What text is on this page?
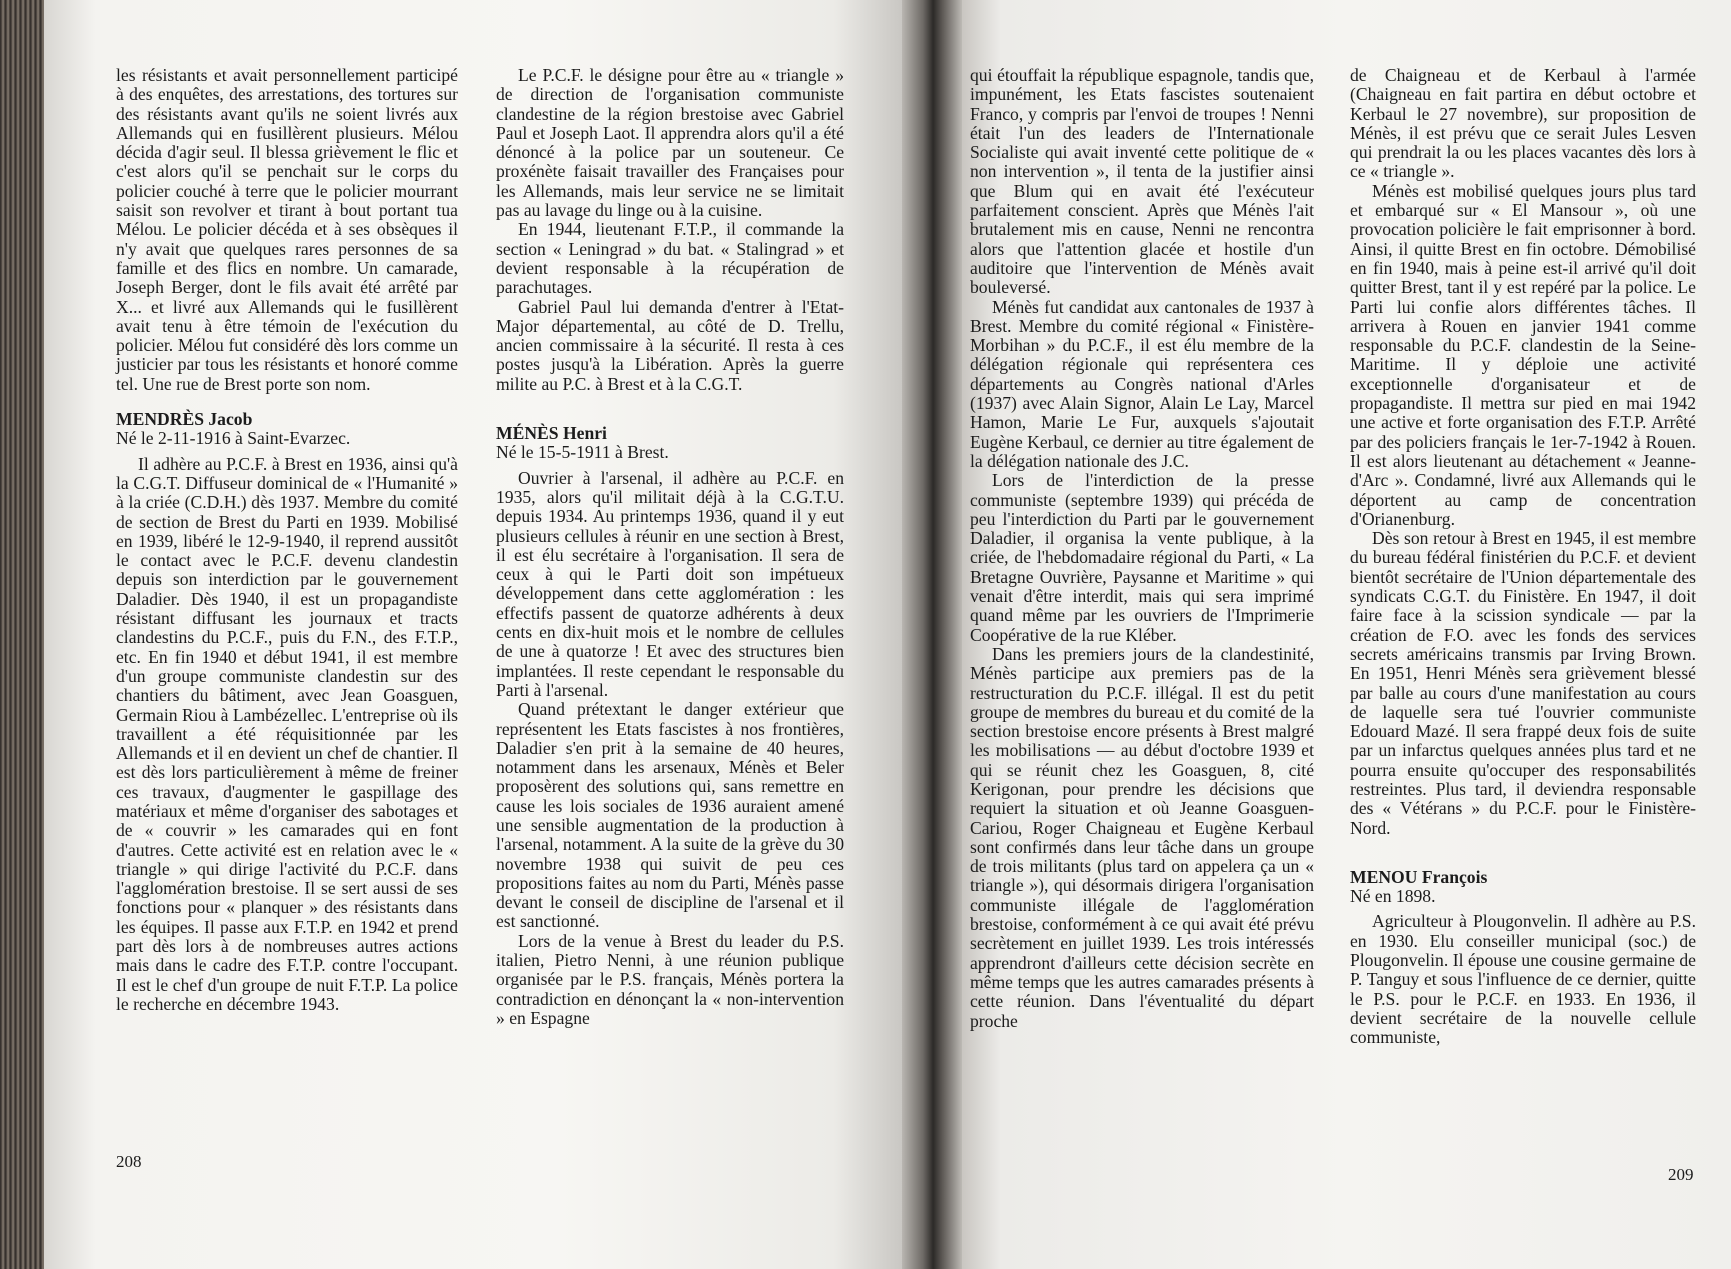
les résistants et avait personnellement participé à des enquêtes, des arrestations, des tortures sur des résistants avant qu'ils ne soient livrés aux Allemands qui en fusillèrent plusieurs. Mélou décida d'agir seul. Il blessa grièvement le flic et c'est alors qu'il se penchait sur le corps du policier couché à terre que le policier mourrant saisit son revolver et tirant à bout portant tua Mélou. Le policier décéda et à ses obsèques il n'y avait que quelques rares personnes de sa famille et des flics en nombre. Un camarade, Joseph Berger, dont le fils avait été arrêté par X... et livré aux Allemands qui le fusillèrent avait tenu à être témoin de l'exécution du policier. Mélou fut considéré dès lors comme un justicier par tous les résistants et honoré comme tel. Une rue de Brest porte son nom.

MENDRÈS Jacob

Né le 2-11-1916 à Saint-Evarzec.

Il adhère au P.C.F. à Brest en 1936, ainsi qu'à la C.G.T. Diffuseur dominical de « l'Humanité » à la criée (C.D.H.) dès 1937. Membre du comité de section de Brest du Parti en 1939. Mobilisé en 1939, libéré le 12-9-1940, il reprend aussitôt le contact avec le P.C.F. devenu clandestin depuis son interdiction par le gouvernement Daladier. Dès 1940, il est un propagandiste résistant diffusant les journaux et tracts clandestins du P.C.F., puis du F.N., des F.T.P., etc. En fin 1940 et début 1941, il est membre d'un groupe communiste clandestin sur des chantiers du bâtiment, avec Jean Goasguen, Germain Riou à Lambézellec. L'entreprise où ils travaillent a été réquisitionnée par les Allemands et il en devient un chef de chantier. Il est dès lors particulièrement à même de freiner ces travaux, d'augmenter le gaspillage des matériaux et même d'organiser des sabotages et de « couvrir » les camarades qui en font d'autres. Cette activité est en relation avec le « triangle » qui dirige l'activité du P.C.F. dans l'agglomération brestoise. Il se sert aussi de ses fonctions pour « planquer » des résistants dans les équipes. Il passe aux F.T.P. en 1942 et prend part dès lors à de nombreuses autres actions mais dans le cadre des F.T.P. contre l'occupant. Il est le chef d'un groupe de nuit F.T.P. La police le recherche en décembre 1943.

Le P.C.F. le désigne pour être au « triangle » de direction de l'organisation communiste clandestine de la région brestoise avec Gabriel Paul et Joseph Laot. Il apprendra alors qu'il a été dénoncé à la police par un souteneur. Ce proxénète faisait travailler des Françaises pour les Allemands, mais leur service ne se limitait pas au lavage du linge ou à la cuisine.

En 1944, lieutenant F.T.P., il commande la section « Leningrad » du bat. « Stalingrad » et devient responsable à la récupération de parachutages.

Gabriel Paul lui demanda d'entrer à l'Etat-Major départemental, au côté de D. Trellu, ancien commissaire à la sécurité. Il resta à ces postes jusqu'à la Libération. Après la guerre milite au P.C. à Brest et à la C.G.T.

MÉNÈS Henri

Né le 15-5-1911 à Brest.

Ouvrier à l'arsenal, il adhère au P.C.F. en 1935, alors qu'il militait déjà à la C.G.T.U. depuis 1934. Au printemps 1936, quand il y eut plusieurs cellules à réunir en une section à Brest, il est élu secrétaire à l'organisation. Il sera de ceux à qui le Parti doit son impétueux développement dans cette agglomération : les effectifs passent de quatorze adhérents à deux cents en dix-huit mois et le nombre de cellules de une à quatorze ! Et avec des structures bien implantées. Il reste cependant le responsable du Parti à l'arsenal.

Quand prétextant le danger extérieur que représentent les Etats fascistes à nos frontières, Daladier s'en prit à la semaine de 40 heures, notamment dans les arsenaux, Ménès et Beler proposèrent des solutions qui, sans remettre en cause les lois sociales de 1936 auraient amené une sensible augmentation de la production à l'arsenal, notamment. A la suite de la grève du 30 novembre 1938 qui suivit de peu ces propositions faites au nom du Parti, Ménès passe devant le conseil de discipline de l'arsenal et il est sanctionné.

Lors de la venue à Brest du leader du P.S. italien, Pietro Nenni, à une réunion publique organisée par le P.S. français, Ménès portera la contradiction en dénonçant la « non-intervention » en Espagne

208

qui étouffait la république espagnole, tandis que, impunément, les Etats fascistes soutenaient Franco, y compris par l'envoi de troupes ! Nenni était l'un des leaders de l'Internationale Socialiste qui avait inventé cette politique de « non intervention », il tenta de la justifier ainsi que Blum qui en avait été l'exécuteur parfaitement conscient. Après que Ménès l'ait brutalement mis en cause, Nenni ne rencontra alors que l'attention glacée et hostile d'un auditoire que l'intervention de Ménès avait bouleversé.

Ménès fut candidat aux cantonales de 1937 à Brest. Membre du comité régional « Finistère-Morbihan » du P.C.F., il est élu membre de la délégation régionale qui représentera ces départements au Congrès national d'Arles (1937) avec Alain Signor, Alain Le Lay, Marcel Hamon, Marie Le Fur, auxquels s'ajoutait Eugène Kerbaul, ce dernier au titre également de la délégation nationale des J.C.

Lors de l'interdiction de la presse communiste (septembre 1939) qui précéda de peu l'interdiction du Parti par le gouvernement Daladier, il organisa la vente publique, à la criée, de l'hebdomadaire régional du Parti, « La Bretagne Ouvrière, Paysanne et Maritime » qui venait d'être interdit, mais qui sera imprimé quand même par les ouvriers de l'Imprimerie Coopérative de la rue Kléber.

Dans les premiers jours de la clandestinité, Ménès participe aux premiers pas de la restructuration du P.C.F. illégal. Il est du petit groupe de membres du bureau et du comité de la section brestoise encore présents à Brest malgré les mobilisations — au début d'octobre 1939 et qui se réunit chez les Goasguen, 8, cité Kerigonan, pour prendre les décisions que requiert la situation et où Jeanne Goasguen-Cariou, Roger Chaigneau et Eugène Kerbaul sont confirmés dans leur tâche dans un groupe de trois militants (plus tard on appelera ça un « triangle »), qui désormais dirigera l'organisation communiste illégale de l'agglomération brestoise, conformément à ce qui avait été prévu secrètement en juillet 1939. Les trois intéressés apprendront d'ailleurs cette décision secrète en même temps que les autres camarades présents à cette réunion. Dans l'éventualité du départ proche

de Chaigneau et de Kerbaul à l'armée (Chaigneau en fait partira en début octobre et Kerbaul le 27 novembre), sur proposition de Ménès, il est prévu que ce serait Jules Lesven qui prendrait la ou les places vacantes dès lors à ce « triangle ».

Ménès est mobilisé quelques jours plus tard et embarqué sur « El Mansour », où une provocation policière le fait emprisonner à bord. Ainsi, il quitte Brest en fin octobre. Démobilisé en fin 1940, mais à peine est-il arrivé qu'il doit quitter Brest, tant il y est repéré par la police. Le Parti lui confie alors différentes tâches. Il arrivera à Rouen en janvier 1941 comme responsable du P.C.F. clandestin de la Seine-Maritime. Il y déploie une activité exceptionnelle d'organisateur et de propagandiste. Il mettra sur pied en mai 1942 une active et forte organisation des F.T.P. Arrêté par des policiers français le 1er-7-1942 à Rouen. Il est alors lieutenant au détachement « Jeanne-d'Arc ». Condamné, livré aux Allemands qui le déportent au camp de concentration d'Orianenburg.

Dès son retour à Brest en 1945, il est membre du bureau fédéral finistérien du P.C.F. et devient bientôt secrétaire de l'Union départementale des syndicats C.G.T. du Finistère. En 1947, il doit faire face à la scission syndicale — par la création de F.O. avec les fonds des services secrets américains transmis par Irving Brown. En 1951, Henri Ménès sera grièvement blessé par balle au cours d'une manifestation au cours de laquelle sera tué l'ouvrier communiste Edouard Mazé. Il sera frappé deux fois de suite par un infarctus quelques années plus tard et ne pourra ensuite qu'occuper des responsabilités restreintes. Plus tard, il deviendra responsable des « Vétérans » du P.C.F. pour le Finistère-Nord.

MENOU François

Né en 1898.

Agriculteur à Plougonvelin. Il adhère au P.S. en 1930. Elu conseiller municipal (soc.) de Plougonvelin. Il épouse une cousine germaine de P. Tanguy et sous l'influence de ce dernier, quitte le P.S. pour le P.C.F. en 1933. En 1936, il devient secrétaire de la nouvelle cellule communiste,

209
